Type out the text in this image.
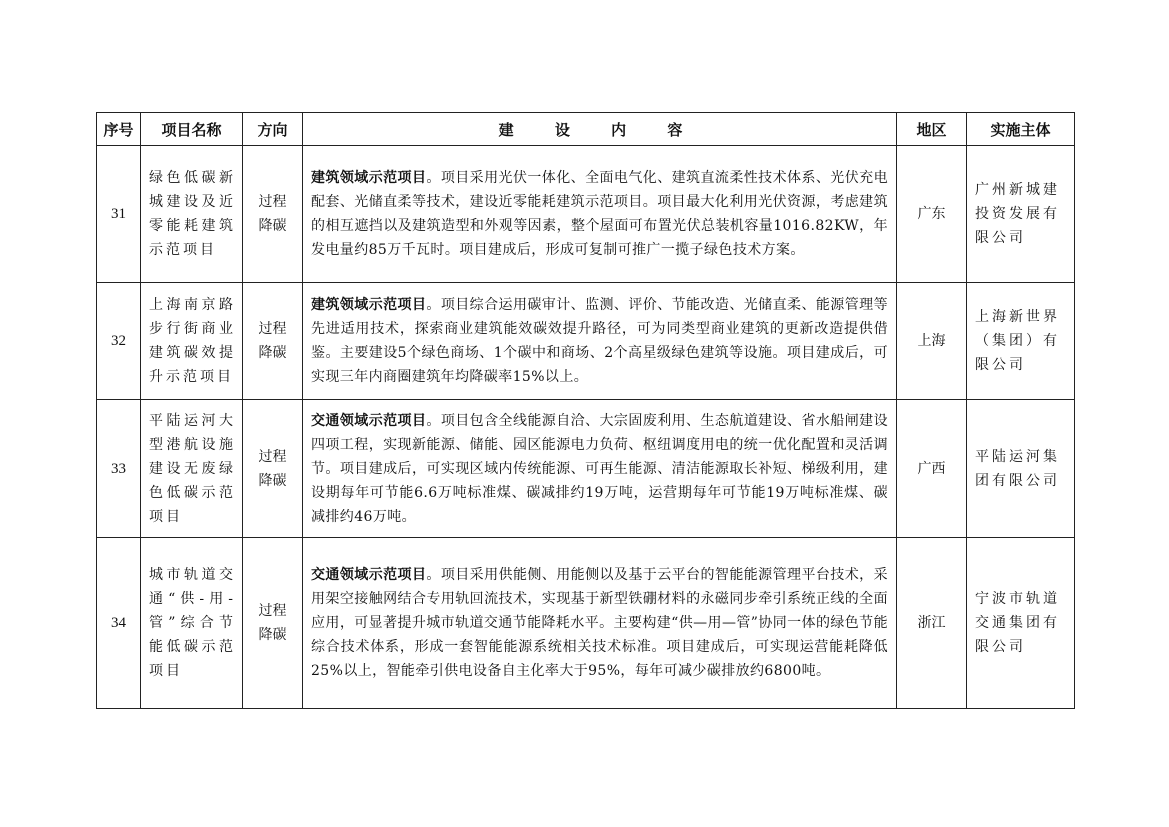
序号	项目名称	方向	建 设 内 容	地区	实施主体
31	绿色低碳新城建设及近零能耗建筑示范项目	过程降碳	建筑领域示范项目。项目采用光伏一体化、全面电气化、建筑直流柔性技术体系、光伏充电配套、光储直柔等技术，建设近零能耗建筑示范项目。项目最大化利用光伏资源，考虑建筑的相互遮挡以及建筑造型和外观等因素，整个屋面可布置光伏总装机容量1016.82KW，年发电量约85万千瓦时。项目建成后，形成可复制可推广一揽子绿色技术方案。	广东	广州新城建投资发展有限公司
32	上海南京路步行街商业建筑碳效提升示范项目	过程降碳	建筑领域示范项目。项目综合运用碳审计、监测、评价、节能改造、光储直柔、能源管理等先进适用技术，探索商业建筑能效碳效提升路径，可为同类型商业建筑的更新改造提供借鉴。主要建设5个绿色商场、1个碳中和商场、2个高星级绿色建筑等设施。项目建成后，可实现三年内商圈建筑年均降碳率15%以上。	上海	上海新世界（集团）有限公司
33	平陆运河大型港航设施建设无废绿色低碳示范项目	过程降碳	交通领域示范项目。项目包含全线能源自洽、大宗固废利用、生态航道建设、省水船闸建设四项工程，实现新能源、储能、园区能源电力负荷、枢纽调度用电的统一优化配置和灵活调节。项目建成后，可实现区域内传统能源、可再生能源、清洁能源取长补短、梯级利用，建设期每年可节能6.6万吨标准煤、碳减排约19万吨，运营期每年可节能19万吨标准煤、碳减排约46万吨。	广西	平陆运河集团有限公司
34	城市轨道交通“供-用-管”综合节能低碳示范项目	过程降碳	交通领域示范项目。项目采用供能侧、用能侧以及基于云平台的智能能源管理平台技术，采用架空接触网结合专用轨回流技术，实现基于新型铁硼材料的永磁同步牵引系统正线的全面应用，可显著提升城市轨道交通节能降耗水平。主要构建“供—用—管”协同一体的绿色节能综合技术体系，形成一套智能能源系统相关技术标准。项目建成后，可实现运营能耗降低25%以上，智能牵引供电设备自主化率大于95%，每年可减少碳排放约6800吨。	浙江	宁波市轨道交通集团有限公司
